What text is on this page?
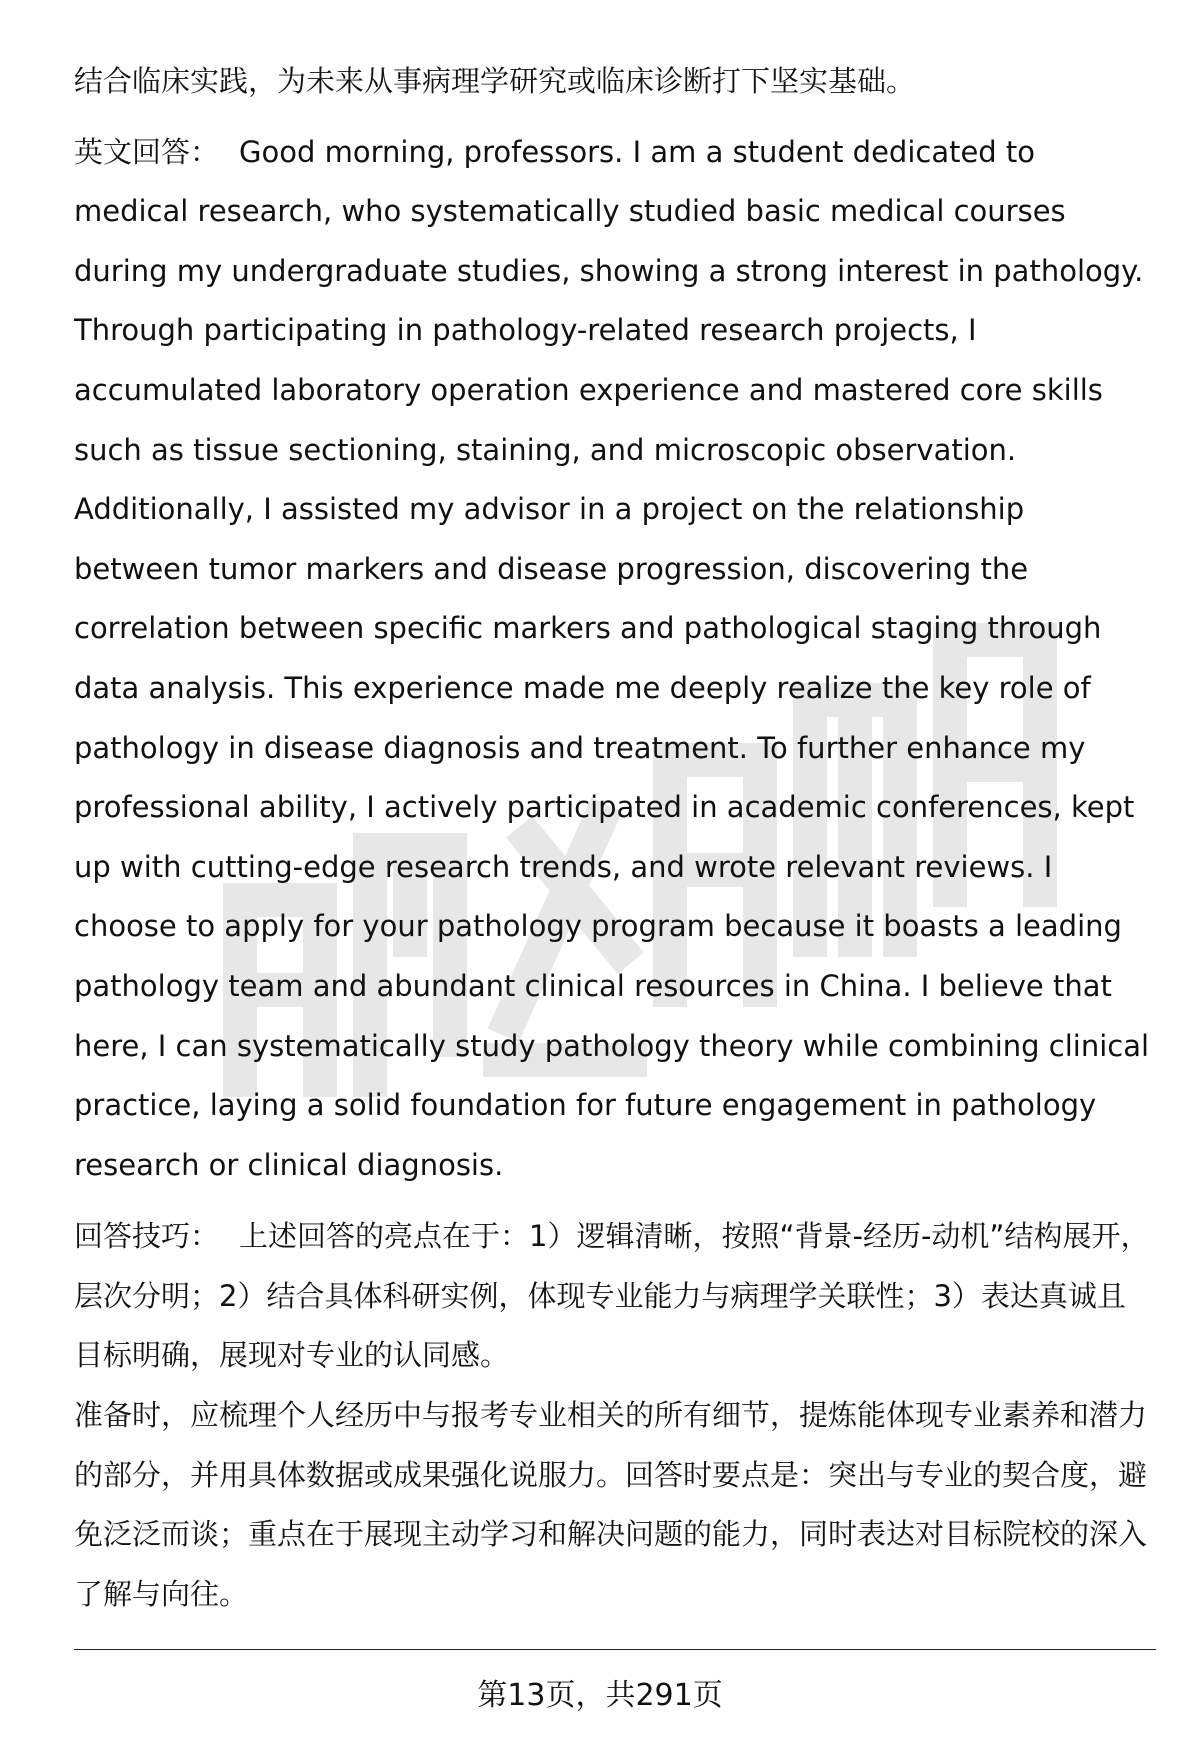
结合临床实践，为未来从事病理学研究或临床诊断打下坚实基础。

英文回答： Good morning, professors. I am a student dedicated to medical research, who systematically studied basic medical courses during my undergraduate studies, showing a strong interest in pathology. Through participating in pathology-related research projects, I accumulated laboratory operation experience and mastered core skills such as tissue sectioning, staining, and microscopic observation. Additionally, I assisted my advisor in a project on the relationship between tumor markers and disease progression, discovering the correlation between specific markers and pathological staging through data analysis. This experience made me deeply realize the key role of pathology in disease diagnosis and treatment. To further enhance my professional ability, I actively participated in academic conferences, kept up with cutting-edge research trends, and wrote relevant reviews. I choose to apply for your pathology program because it boasts a leading pathology team and abundant clinical resources in China. I believe that here, I can systematically study pathology theory while combining clinical practice, laying a solid foundation for future engagement in pathology research or clinical diagnosis.

回答技巧： 上述回答的亮点在于：1）逻辑清晰，按照“背景-经历-动机”结构展开，层次分明；2）结合具体科研实例，体现专业能力与病理学关联性；3）表达真诚且目标明确，展现对专业的认同感。

准备时，应梳理个人经历中与报考专业相关的所有细节，提炼能体现专业素养和潜力的部分，并用具体数据或成果强化说服力。回答时要点是：突出与专业的契合度，避免泛泛而谈；重点在于展现主动学习和解决问题的能力，同时表达对目标院校的深入了解与向往。

第13页，共291页
